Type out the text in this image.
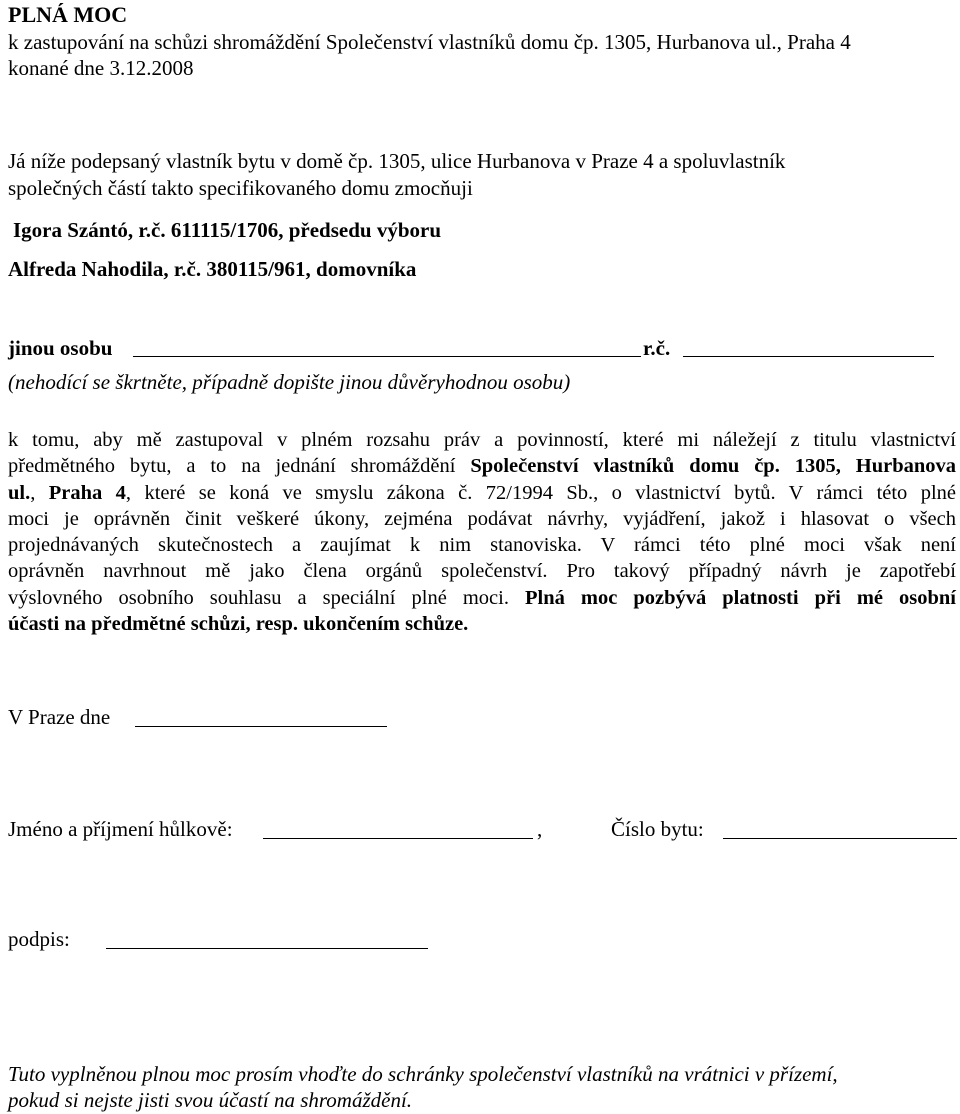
PLNÁ MOC
k zastupování na schůzi shromáždění Společenství vlastníků domu čp. 1305, Hurbanova ul., Praha 4
konané dne 3.12.2008
Já níže podepsaný vlastník bytu v domě čp. 1305, ulice Hurbanova v Praze 4 a spoluvlastník
společných částí takto specifikovaného domu zmocňuji
Igora Szántó, r.č. 611115/1706, předsedu výboru
Alfreda Nahodila, r.č. 380115/961, domovníka
jinou osobu	r.č.
(nehodící se škrtněte, případně dopište jinou důvěryhodnou osobu)
k tomu, aby mě zastupoval v plném rozsahu práv a povinností, které mi náležejí z titulu vlastnictví
předmětného bytu, a to na jednání shromáždění Společenství vlastníků domu čp. 1305, Hurbanova
ul., Praha 4, které se koná ve smyslu zákona č. 72/1994 Sb., o vlastnictví bytů. V rámci této plné
moci je oprávněn činit veškeré úkony, zejména podávat návrhy, vyjádření, jakož i hlasovat o všech
projednávaných skutečnostech a zaujímat k nim stanoviska. V rámci této plné moci však není
oprávněn navrhnout mě jako člena orgánů společenství. Pro takový případný návrh je zapotřebí
výslovného osobního souhlasu a speciální plné moci. Plná moc pozbývá platnosti při mé osobní
účasti na předmětné schůzi, resp. ukončením schůze.
V Praze dne
Jméno a příjmení hůlkově:	,	Číslo bytu:
podpis:
Tuto vyplněnou plnou moc prosím vhoďte do schránky společenství vlastníků na vrátnici v přízemí,
pokud si nejste jisti svou účastí na shromáždění.
